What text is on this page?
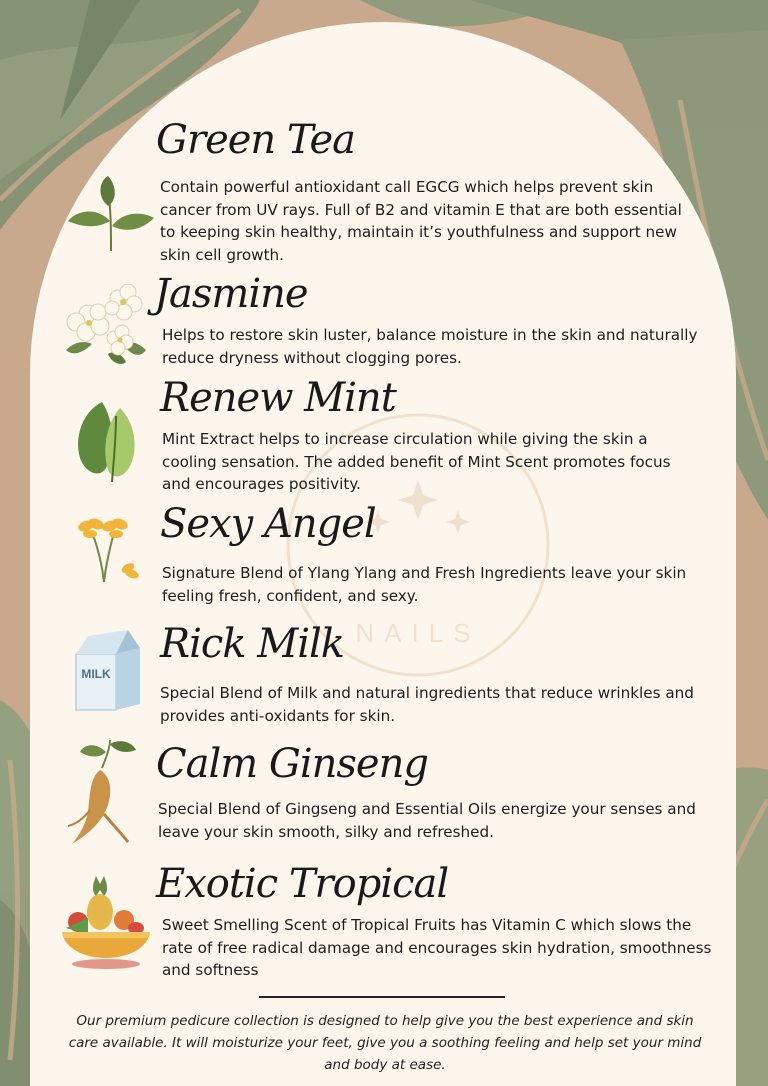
NAILS
Green Tea
Contain powerful antioxidant call EGCG which helps prevent skin cancer from UV rays. Full of B2 and vitamin E that are both essential to keeping skin healthy, maintain it’s youthfulness and support new skin cell growth.
Jasmine
Helps to restore skin luster, balance moisture in the skin and naturally reduce dryness without clogging pores.
Renew Mint
Mint Extract helps to increase circulation while giving the skin a cooling sensation. The added benefit of Mint Scent promotes focus and encourages positivity.
Sexy Angel
Signature Blend of Ylang Ylang and Fresh Ingredients leave your skin feeling fresh, confident, and sexy.
MILK
Rick Milk
Special Blend of Milk and natural ingredients that reduce wrinkles and provides anti-oxidants for skin.
Calm Ginseng
Special Blend of Gingseng and Essential Oils energize your senses and leave your skin smooth, silky and refreshed.
Exotic Tropical
Sweet Smelling Scent of Tropical Fruits has Vitamin C which slows the rate of free radical damage and encourages skin hydration, smoothness and softness
Our premium pedicure collection is designed to help give you the best experience and skin care available. It will moisturize your feet, give you a soothing feeling and help set your mind and body at ease.
